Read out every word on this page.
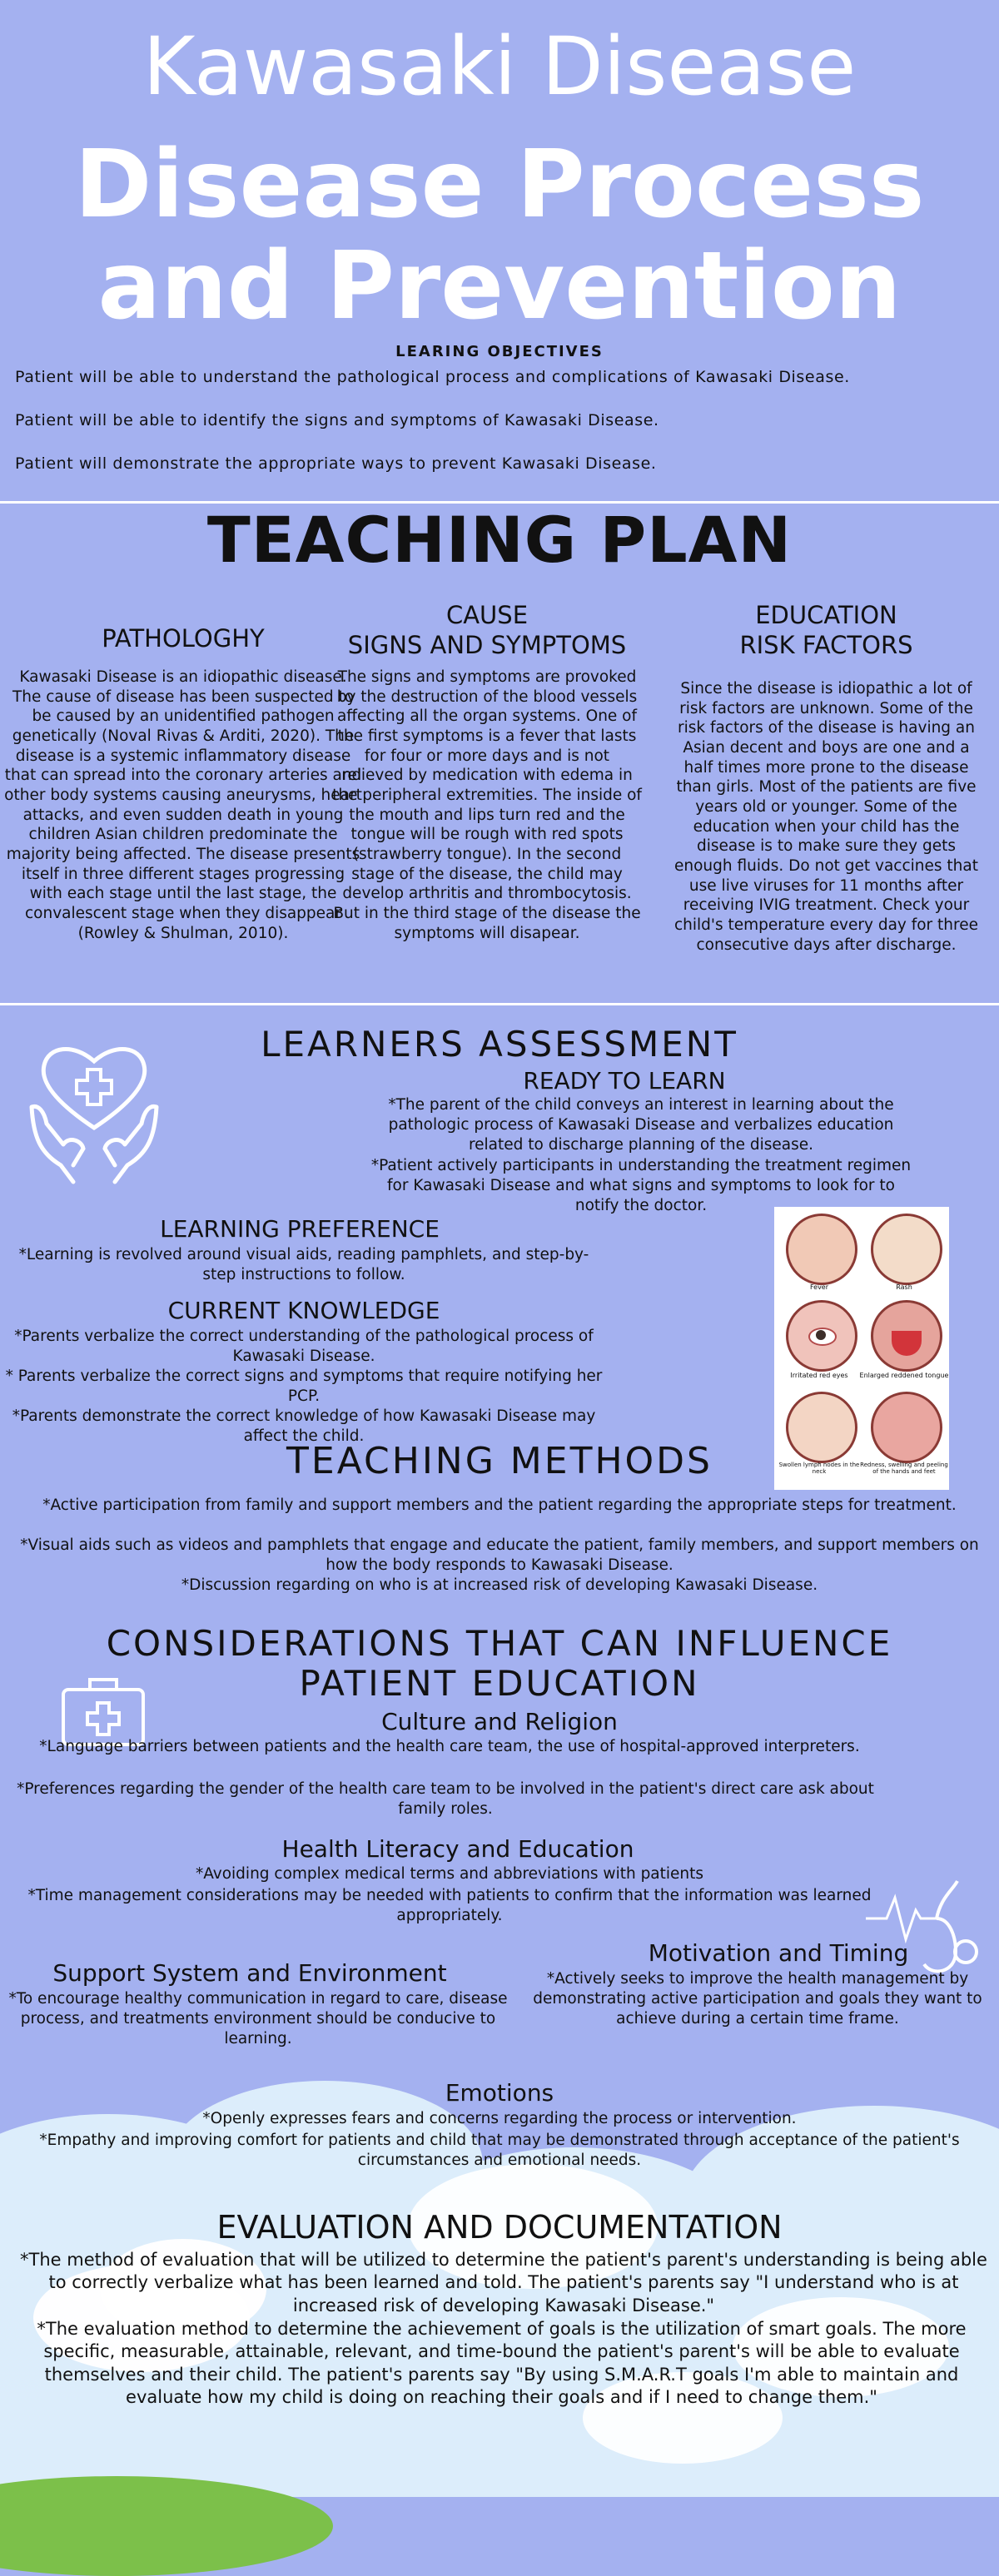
Kawasaki Disease
Disease Process
and Prevention
LEARING OBJECTIVES
Patient will be able to understand the pathological process and complications of Kawasaki Disease.
Patient will be able to identify the signs and symptoms of Kawasaki Disease.
Patient will demonstrate the appropriate ways to prevent Kawasaki Disease.
TEACHING PLAN
PATHOLOGHY
Kawasaki Disease is an idiopathic disease. The cause of disease has been suspected to be caused by an unidentified pathogen genetically (Noval Rivas & Arditi, 2020). The disease is a systemic inflammatory disease that can spread into the coronary arteries and other body systems causing aneurysms, heart attacks, and even sudden death in young children Asian children predominate the majority being affected. The disease presents itself in three different stages progressing with each stage until the last stage, the convalescent stage when they disappear (Rowley & Shulman, 2010).
CAUSE
SIGNS AND SYMPTOMS
The signs and symptoms are provoked by the destruction of the blood vessels affecting all the organ systems. One of the first symptoms is a fever that lasts for four or more days and is not relieved by medication with edema in the peripheral extremities. The inside of the mouth and lips turn red and the tongue will be rough with red spots (strawberry tongue). In the second stage of the disease, the child may develop arthritis and thrombocytosis. But in the third stage of the disease the symptoms will disapear.
EDUCATION
RISK FACTORS
Since the disease is idiopathic a lot of risk factors are unknown. Some of the risk factors of the disease is having an Asian decent and boys are one and a half times more prone to the disease than girls. Most of the patients are five years old or younger. Some of the education when your child has the disease is to make sure they gets enough fluids. Do not get vaccines that use live viruses for 11 months after receiving IVIG treatment. Check your child's temperature every day for three consecutive days after discharge.
LEARNERS ASSESSMENT
READY TO LEARN
*The parent of the child conveys an interest in learning about the pathologic process of Kawasaki Disease and verbalizes education related to discharge planning of the disease.
*Patient actively participants in understanding the treatment regimen for Kawasaki Disease and what signs and symptoms to look for to notify the doctor.
LEARNING PREFERENCE
*Learning is revolved around visual aids, reading pamphlets, and step-by-step instructions to follow.
CURRENT KNOWLEDGE
*Parents verbalize the correct understanding of the pathological process of Kawasaki Disease.
* Parents verbalize the correct signs and symptoms that require notifying her PCP.
*Parents demonstrate the correct knowledge of how Kawasaki Disease may affect the child.
Fever	Rash
Irritated red eyes	Enlarged reddened tongue
Swollen lymph nodes in the neck
Redness, swelling and peeling of the hands and feet
TEACHING METHODS
*Active participation from family and support members and the patient regarding the appropriate steps for treatment.
*Visual aids such as videos and pamphlets that engage and educate the patient, family members, and support members on how the body responds to Kawasaki Disease.
*Discussion regarding on who is at increased risk of developing Kawasaki Disease.
CONSIDERATIONS THAT CAN INFLUENCE
PATIENT EDUCATION
Culture and Religion
*Language barriers between patients and the health care team, the use of hospital-approved interpreters.
*Preferences regarding the gender of the health care team to be involved in the patient's direct care ask about family roles.
Health Literacy and Education
*Avoiding complex medical terms and abbreviations with patients
*Time management considerations may be needed with patients to confirm that the information was learned appropriately.
Support System and Environment
*To encourage healthy communication in regard to care, disease process, and treatments environment should be conducive to learning.
Motivation and Timing
*Actively seeks to improve the health management by demonstrating active participation and goals they want to achieve during a certain time frame.
Emotions
*Openly expresses fears and concerns regarding the process or intervention.
*Empathy and improving comfort for patients and child that may be demonstrated through acceptance of the patient's circumstances and emotional needs.
EVALUATION AND DOCUMENTATION
*The method of evaluation that will be utilized to determine the patient's parent's understanding is being able to correctly verbalize what has been learned and told. The patient's parents say "I understand who is at increased risk of developing Kawasaki Disease."
*The evaluation method to determine the achievement of goals is the utilization of smart goals. The more specific, measurable, attainable, relevant, and time-bound the patient's parent's will be able to evaluate themselves and their child. The patient's parents say "By using S.M.A.R.T goals I'm able to maintain and evaluate how my child is doing on reaching their goals and if I need to change them."
